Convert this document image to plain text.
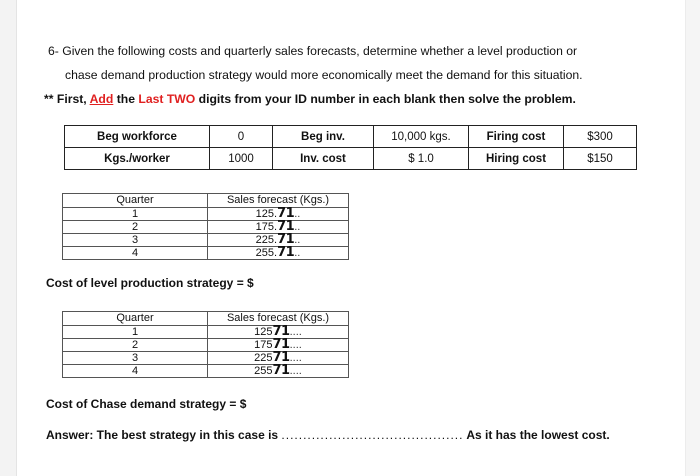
6- Given the following costs and quarterly sales forecasts, determine whether a level production or
chase demand production strategy would more economically meet the demand for this situation.
** First, Add the Last TWO digits from your ID number in each blank then solve the problem.
Beg workforce	0	Beg inv.	10,000 kgs.	Firing cost	$300
Kgs./worker	1000	Inv. cost	$ 1.0	Hiring cost	$150
Quarter	Sales forecast (Kgs.)
1	125.71..
2	175.71..
3	225.71..
4	255.71..
Cost of level production strategy = $
Quarter	Sales forecast (Kgs.)
1	12571....
2	17571....
3	22571....
4	25571....
Cost of Chase demand strategy = $
Answer: The best strategy in this case is .......................................... As it has the lowest cost.
